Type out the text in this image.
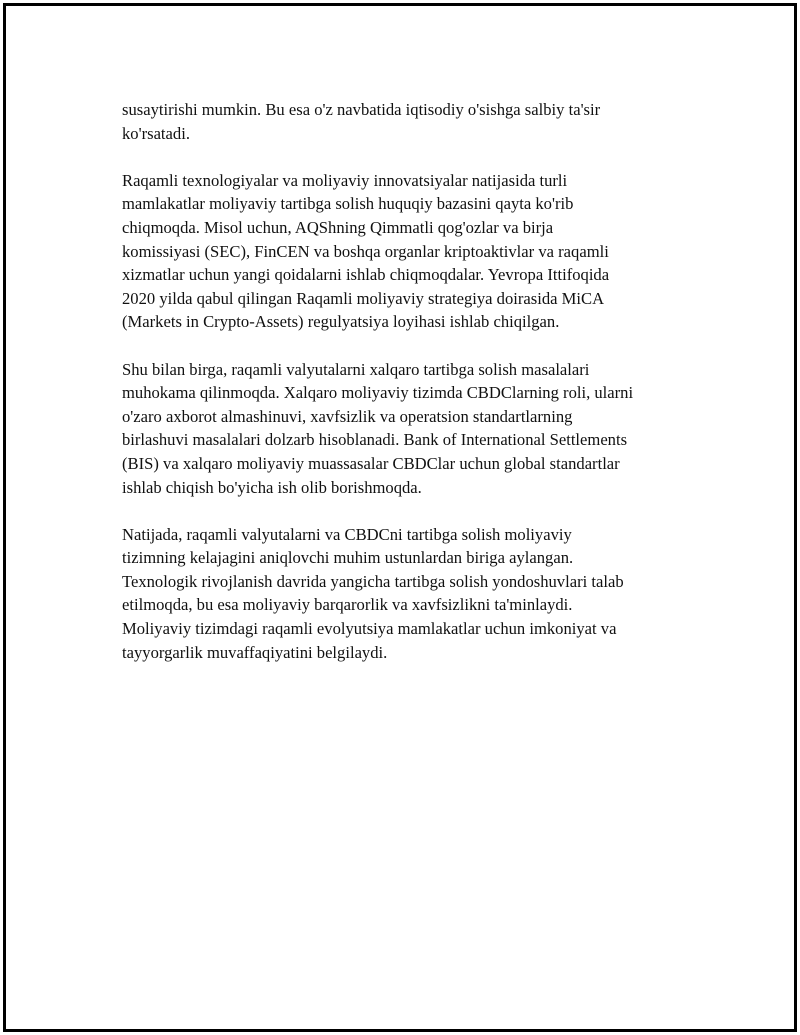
susaytirishi mumkin. Bu esa o'z navbatida iqtisodiy o'sishga salbiy ta'sir
ko'rsatadi.

Raqamli texnologiyalar va moliyaviy innovatsiyalar natijasida turli
mamlakatlar moliyaviy tartibga solish huquqiy bazasini qayta ko'rib
chiqmoqda. Misol uchun, AQShning Qimmatli qog'ozlar va birja
komissiyasi (SEC), FinCEN va boshqa organlar kriptoaktivlar va raqamli
xizmatlar uchun yangi qoidalarni ishlab chiqmoqdalar. Yevropa Ittifoqida
2020 yilda qabul qilingan Raqamli moliyaviy strategiya doirasida MiCA
(Markets in Crypto-Assets) regulyatsiya loyihasi ishlab chiqilgan.

Shu bilan birga, raqamli valyutalarni xalqaro tartibga solish masalalari
muhokama qilinmoqda. Xalqaro moliyaviy tizimda CBDClarning roli, ularni
o'zaro axborot almashinuvi, xavfsizlik va operatsion standartlarning
birlashuvi masalalari dolzarb hisoblanadi. Bank of International Settlements
(BIS) va xalqaro moliyaviy muassasalar CBDClar uchun global standartlar
ishlab chiqish bo'yicha ish olib borishmoqda.

Natijada, raqamli valyutalarni va CBDCni tartibga solish moliyaviy
tizimning kelajagini aniqlovchi muhim ustunlardan biriga aylangan.
Texnologik rivojlanish davrida yangicha tartibga solish yondoshuvlari talab
etilmoqda, bu esa moliyaviy barqarorlik va xavfsizlikni ta'minlaydi.
Moliyaviy tizimdagi raqamli evolyutsiya mamlakatlar uchun imkoniyat va
tayyorgarlik muvaffaqiyatini belgilaydi.
